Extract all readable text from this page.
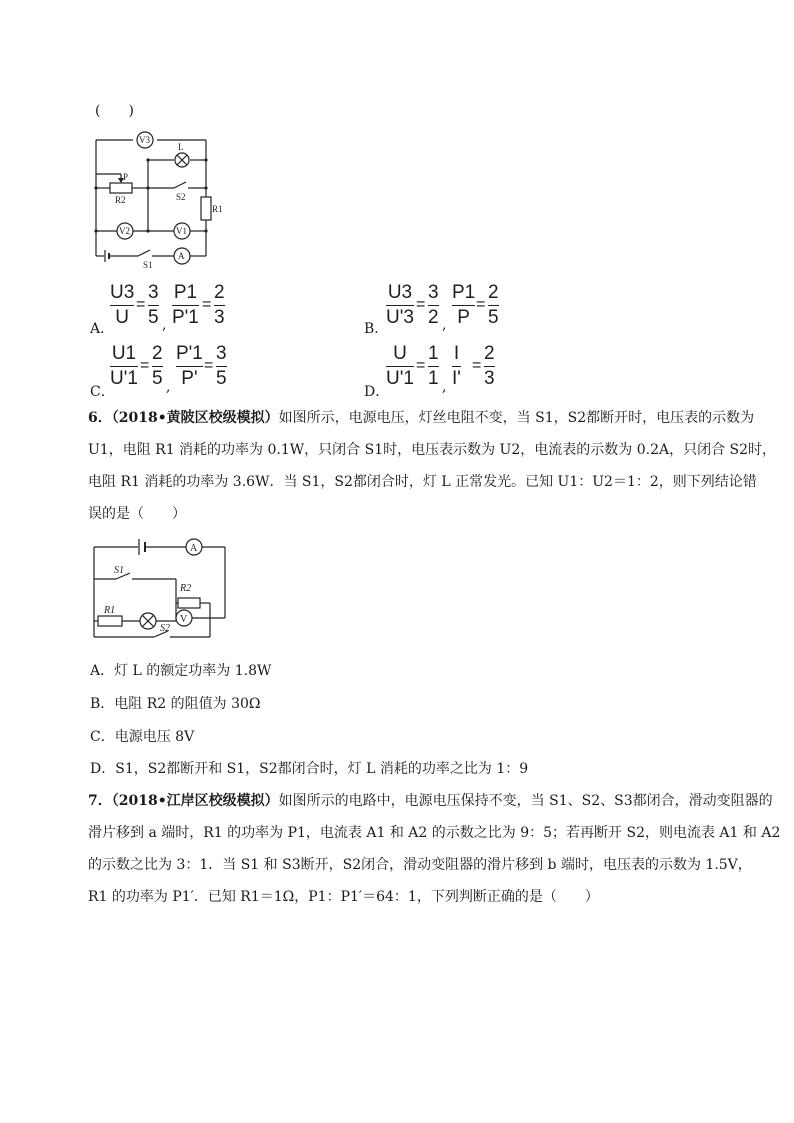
(　　)
V3
L
P
R2	S2
R1
V2	V1
S1
A
A．
U3
U
=
3
5 ,
P1
P'1
=
2
3
B．
U3
U'3
=
3
2 ,
P1
P
=
2
5
C．
U1
U'1
=
2
5 ,
P'1
P'
=
3
5
D．
U
U'1
=
1
1 ,
I
I'
=
2
3
6．（2018•黄陂区校级模拟）如图所示，电源电压，灯丝电阻不变，当 S1，S2都断开时，电压表的示数为
U1，电阻 R1 消耗的功率为 0.1W，只闭合 S1时，电压表示数为 U2，电流表的示数为 0.2A，只闭合 S2时，
电阻 R1 消耗的功率为 3.6W．当 S1，S2都闭合时，灯 L 正常发光。已知 U1：U2＝1：2，则下列结论错
误的是（　　）
A
S1
R2
R1
V
S2
A．灯 L 的额定功率为 1.8W
B．电阻 R2 的阻值为 30Ω
C．电源电压 8V
D．S1，S2都断开和 S1，S2都闭合时，灯 L 消耗的功率之比为 1：9
7．（2018•江岸区校级模拟）如图所示的电路中，电源电压保持不变，当 S1、S2、S3都闭合，滑动变阻器的
滑片移到 a 端时，R1 的功率为 P1，电流表 A1 和 A2 的示数之比为 9：5；若再断开 S2，则电流表 A1 和 A2
的示数之比为 3：1．当 S1 和 S3断开，S2闭合，滑动变阻器的滑片移到 b 端时，电压表的示数为 1.5V，
R1 的功率为 P1′．已知 R1＝1Ω，P1：P1′＝64：1，下列判断正确的是（　　）
